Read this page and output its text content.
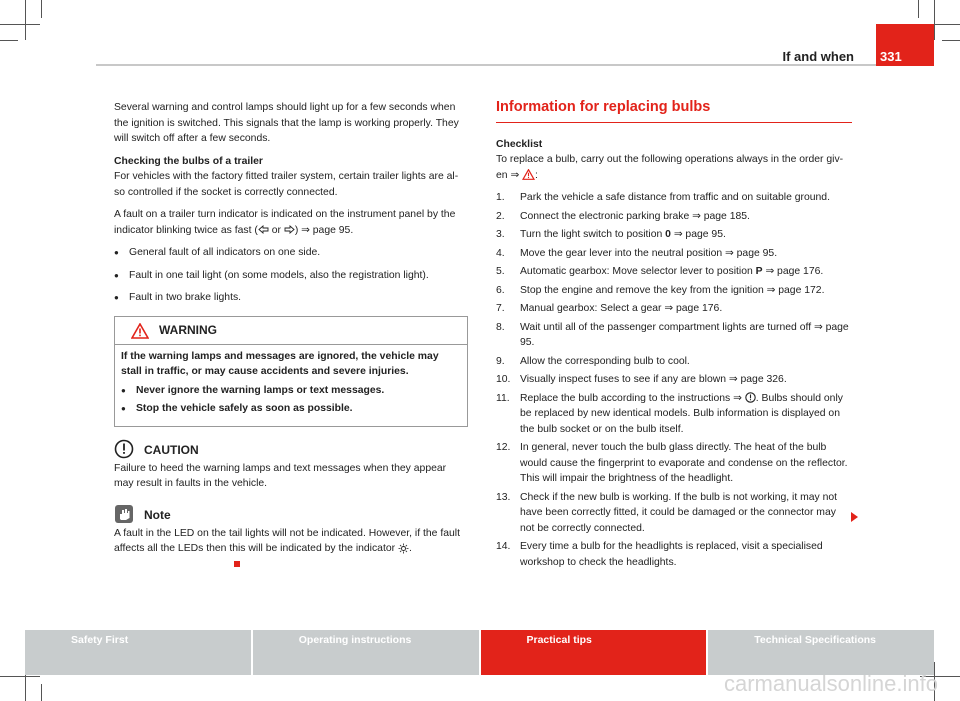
If and when 331

Several warning and control lamps should light up for a few seconds when the ignition is switched. This signals that the lamp is working properly. They will switch off after a few seconds.

Checking the bulbs of a trailer

For vehicles with the factory fitted trailer system, certain trailer lights are al-so controlled if the socket is correctly connected.

A fault on a trailer turn indicator is indicated on the instrument panel by the indicator blinking twice as fast ( or ) ⇒ page 95.

● General fault of all indicators on one side.
● Fault in one tail light (on some models, also the registration light).
● Fault in two brake lights.
WARNING
If the warning lamps and messages are ignored, the vehicle may stall in traffic, or may cause accidents and severe injuries.
● Never ignore the warning lamps or text messages.
● Stop the vehicle safely as soon as possible.
CAUTION

Failure to heed the warning lamps and text messages when they appear may result in faults in the vehicle.

Note

A fault in the LED on the tail lights will not be indicated. However, if the fault affects all the LEDs then this will be indicated by the indicator .

Information for replacing bulbs

Checklist

To replace a bulb, carry out the following operations always in the order giv-en ⇒ :

1.	Park the vehicle a safe distance from traffic and on suitable ground.
2.	Connect the electronic parking brake ⇒ page 185.
3.	Turn the light switch to position 0 ⇒ page 95.
4.	Move the gear lever into the neutral position ⇒ page 95.
5.	Automatic gearbox: Move selector lever to position P ⇒ page 176.
6.	Stop the engine and remove the key from the ignition ⇒ page 172.
7.	Manual gearbox: Select a gear ⇒ page 176.
8.	Wait until all of the passenger compartment lights are turned off ⇒ page 95.
9.	Allow the corresponding bulb to cool.
10. Visually inspect fuses to see if any are blown ⇒ page 326.
11. Replace the bulb according to the instructions ⇒ . Bulbs should only be replaced by new identical models. Bulb information is displayed on the bulb socket or on the bulb itself.
12. In general, never touch the bulb glass directly. The heat of the bulb would cause the fingerprint to evaporate and condense on the reflector. This will impair the brightness of the headlight.
13. Check if the new bulb is working. If the bulb is not working, it may not have been correctly fitted, it could be damaged or the connector may not be correctly connected.
14. Every time a bulb for the headlights is replaced, visit a specialised workshop to check the headlights.
Safety First	Operating instructions	Practical tips	Technical Specifications
carmanualsonline.info
